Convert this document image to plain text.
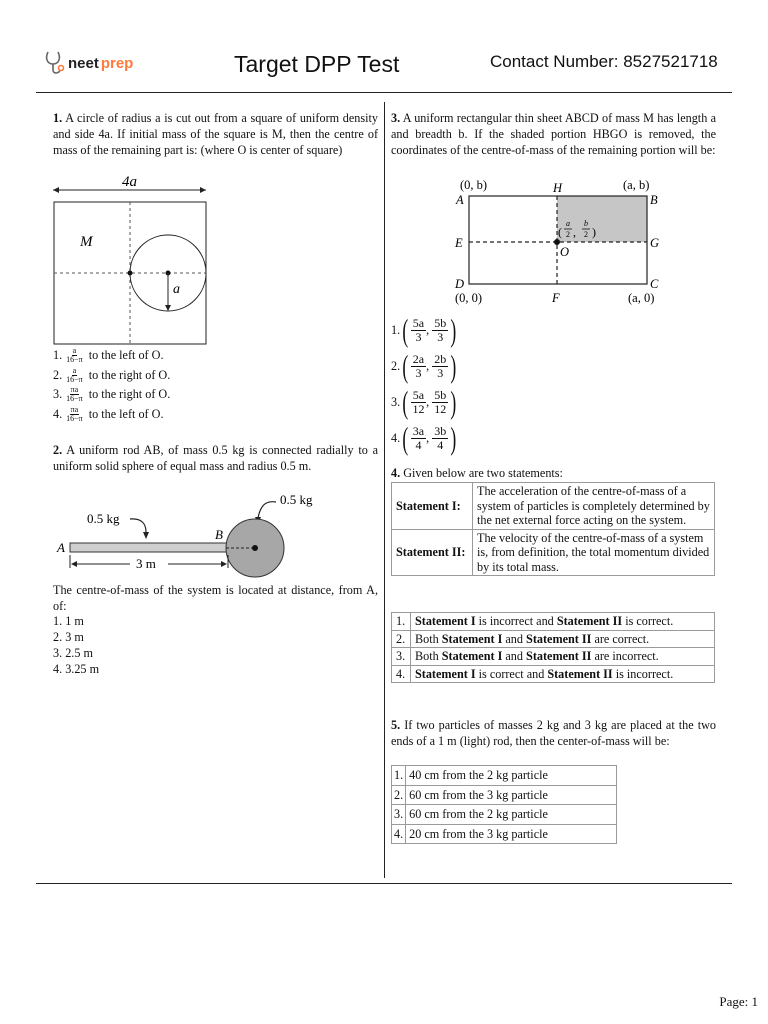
neet prep	Target DPP Test	Contact Number: 8527521718
1. A circle of radius a is cut out from a square of uniform density and side 4a. If initial mass of the square is M, then the centre of mass of the remaining part is: (where O is center of square)
4a
M
a
1. $\frac{a}{16-\pi}$ to the left of O.
2. $\frac{a}{16-\pi}$ to the right of O.
3. $\frac{\pi a}{16-\pi}$ to the right of O.
4. $\frac{\pi a}{16-\pi}$ to the left of O.
2. A uniform rod AB, of mass 0.5 kg is connected radially to a uniform solid sphere of equal mass and radius 0.5 m.
0.5 kg
0.5 kg
A
B
3 m
The centre-of-mass of the system is located at distance, from A, of:
1. 1 m
2. 3 m
3. 2.5 m
4. 3.25 m
3. A uniform rectangular thin sheet ABCD of mass M has length a and breadth b. If the shaded portion HBGO is removed, the coordinates of the centre-of-mass of the remaining portion will be:
(0, b)	(a, b)
(0, 0)	(a, 0)
A	B
C
D
E
F
G
H
O
(
a
2 ,
b
2 )
1. ( 5a
3 , 5b
3 )
2. ( 2a
3 , 2b
3 )
3. ( 5a
12 , 5b
12 )
4. ( 3a
4 , 3b
4 )
4. Given below are two statements:
Statement I:	The acceleration of the centre-of-mass of a system of particles is completely determined by the net external force acting on the system.
Statement II:	The velocity of the centre-of-mass of a system is, from definition, the total momentum divided by its total mass.
1.	Statement I is incorrect and Statement II is correct.
2.	Both Statement I and Statement II are correct.
3.	Both Statement I and Statement II are incorrect.
4.	Statement I is correct and Statement II is incorrect.
5. If two particles of masses 2 kg and 3 kg are placed at the two ends of a 1 m (light) rod, then the center-of-mass will be:
1.	40 cm from the 2 kg particle
2.	60 cm from the 3 kg particle
3.	60 cm from the 2 kg particle
4.	20 cm from the 3 kg particle
Page: 1
